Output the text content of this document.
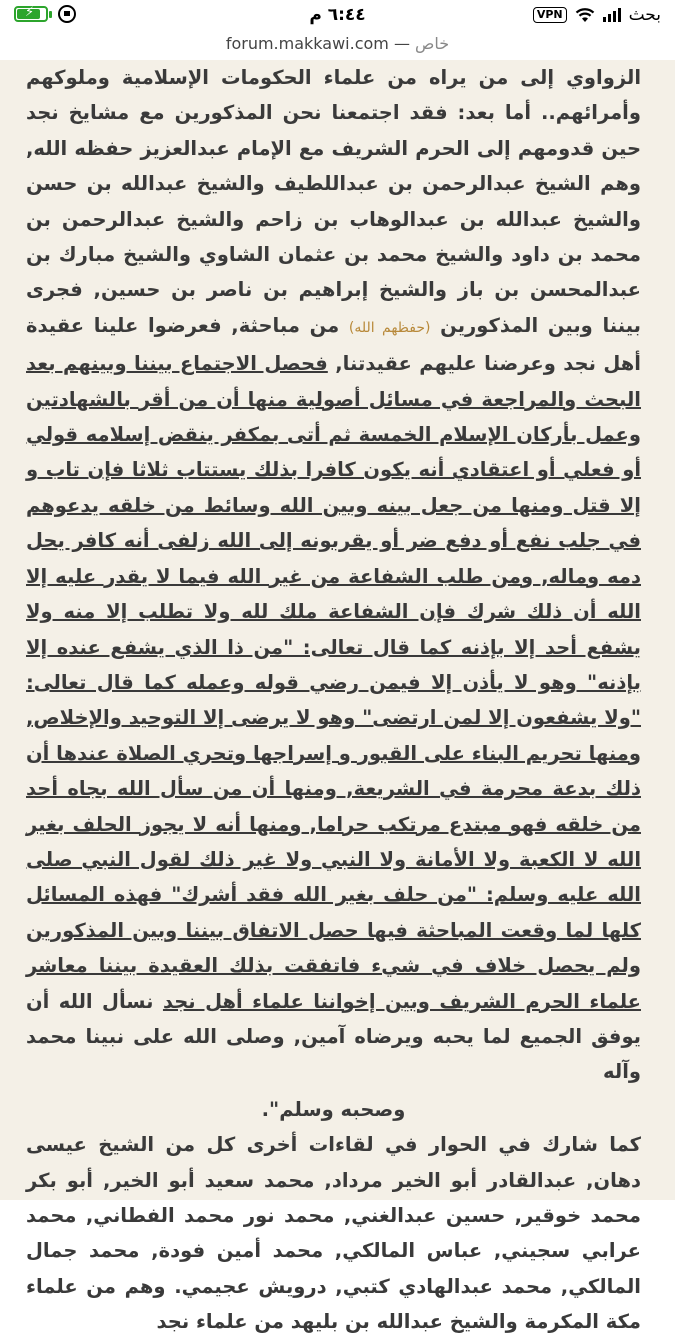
⚡	٦:٤٤ م	VPN	بحث
forum.makkawi.com — خاص

الزواوي إلى من يراه من علماء الحكومات الإسلامية وملوكهم وأمرائهم.. أما بعد: فقد اجتمعنا نحن المذكورين مع مشايخ نجد حين قدومهم إلى الحرم الشريف مع الإمام عبدالعزيز حفظه الله, وهم الشيخ عبدالرحمن بن عبداللطيف والشيخ عبدالله بن حسن والشيخ عبدالله بن عبدالوهاب بن زاحم والشيخ عبدالرحمن بن محمد بن داود والشيخ محمد بن عثمان الشاوي والشيخ مبارك بن عبدالمحسن بن باز والشيخ إبراهيم بن ناصر بن حسين, فجرى بيننا وبين المذكورين (حفظهم الله) من مباحثة, فعرضوا علينا عقيدة أهل نجد وعرضنا عليهم عقيدتنا, فحصل الاجتماع بيننا وبينهم بعد البحث والمراجعة في مسائل أصولية منها أن من أقر بالشهادتين وعمل بأركان الإسلام الخمسة ثم أتى بمكفر ينقض إسلامه قولي أو فعلي أو اعتقادي أنه يكون كافرا بذلك يستتاب ثلاثا فإن تاب و إلا قتل ومنها من جعل بينه وبين الله وسائط من خلقه يدعوهم في جلب نفع أو دفع ضر أو يقربونه إلى الله زلفى أنه كافر يحل دمه وماله, ومن طلب الشفاعة من غير الله فيما لا يقدر عليه إلا الله أن ذلك شرك فإن الشفاعة ملك لله ولا تطلب إلا منه ولا يشفع أحد إلا بإذنه كما قال تعالى: "من ذا الذي يشفع عنده إلا بإذنه" وهو لا يأذن إلا فيمن رضي قوله وعمله كما قال تعالى: "ولا يشفعون إلا لمن ارتضى" وهو لا يرضى إلا التوحيد والإخلاص, ومنها تحريم البناء على القبور و إسراجها وتحري الصلاة عندها أن ذلك بدعة محرمة في الشريعة, ومنها أن من سأل الله بجاه أحد من خلقه فهو مبتدع مرتكب حراما, ومنها أنه لا يجوز الحلف بغير الله لا الكعبة ولا الأمانة ولا النبي ولا غير ذلك لقول النبي صلى الله عليه وسلم: "من حلف بغير الله فقد أشرك" فهذه المسائل كلها لما وقعت المباحثة فيها حصل الاتفاق بيننا وبين المذكورين ولم يحصل خلاف في شيء فاتفقت بذلك العقيدة بيننا معاشر علماء الحرم الشريف وبين إخواننا علماء أهل نجد نسأل الله أن يوفق الجميع لما يحبه ويرضاه آمين, وصلى الله على نبينا محمد وآله

وصحبه وسلم".

كما شارك في الحوار في لقاءات أخرى كل من الشيخ عيسى دهان, عبدالقادر أبو الخير مرداد, محمد سعيد أبو الخير, أبو بكر محمد خوقير, حسين عبدالغني, محمد نور محمد الفطاني, محمد عرابي سجيني, عباس المالكي, محمد أمين فودة, محمد جمال المالكي, محمد عبدالهادي كتبي, درويش عجيمي. وهم من علماء مكة المكرمة والشيخ عبدالله بن بليهد من علماء نجد
